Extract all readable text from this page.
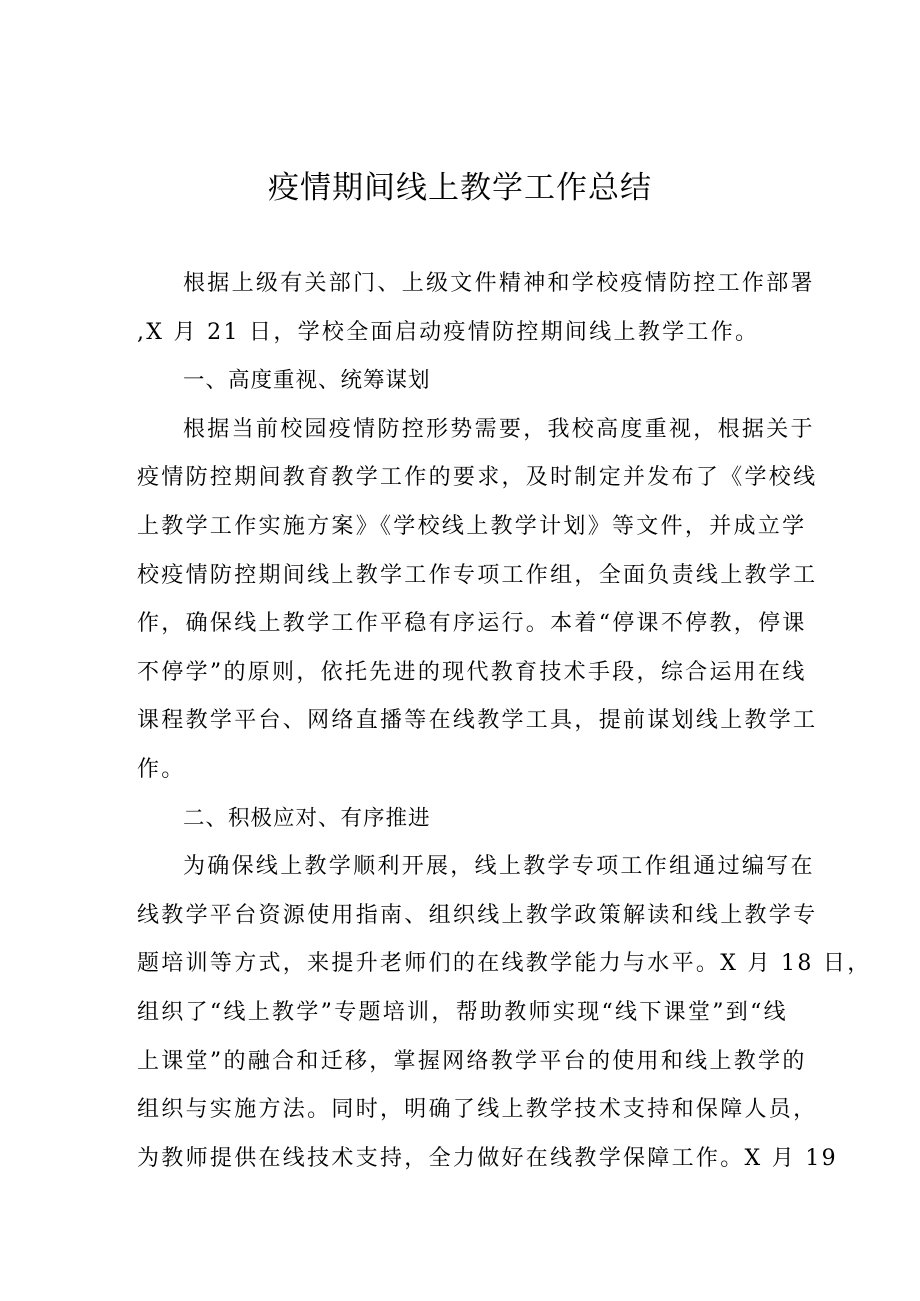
疫情期间线上教学工作总结
根据上级有关部门、上级文件精神和学校疫情防控工作部署
,X 月 21 日，学校全面启动疫情防控期间线上教学工作。
一、高度重视、统筹谋划
根据当前校园疫情防控形势需要，我校高度重视，根据关于
疫情防控期间教育教学工作的要求，及时制定并发布了《学校线
上教学工作实施方案》《学校线上教学计划》等文件，并成立学
校疫情防控期间线上教学工作专项工作组，全面负责线上教学工
作，确保线上教学工作平稳有序运行。本着“停课不停教，停课
不停学”的原则，依托先进的现代教育技术手段，综合运用在线
课程教学平台、网络直播等在线教学工具，提前谋划线上教学工
作。
二、积极应对、有序推进
为确保线上教学顺利开展，线上教学专项工作组通过编写在
线教学平台资源使用指南、组织线上教学政策解读和线上教学专
题培训等方式，来提升老师们的在线教学能力与水平。X 月 18 日，
组织了“线上教学”专题培训，帮助教师实现“线下课堂”到“线
上课堂”的融合和迁移，掌握网络教学平台的使用和线上教学的
组织与实施方法。同时，明确了线上教学技术支持和保障人员，
为教师提供在线技术支持，全力做好在线教学保障工作。X 月 19
